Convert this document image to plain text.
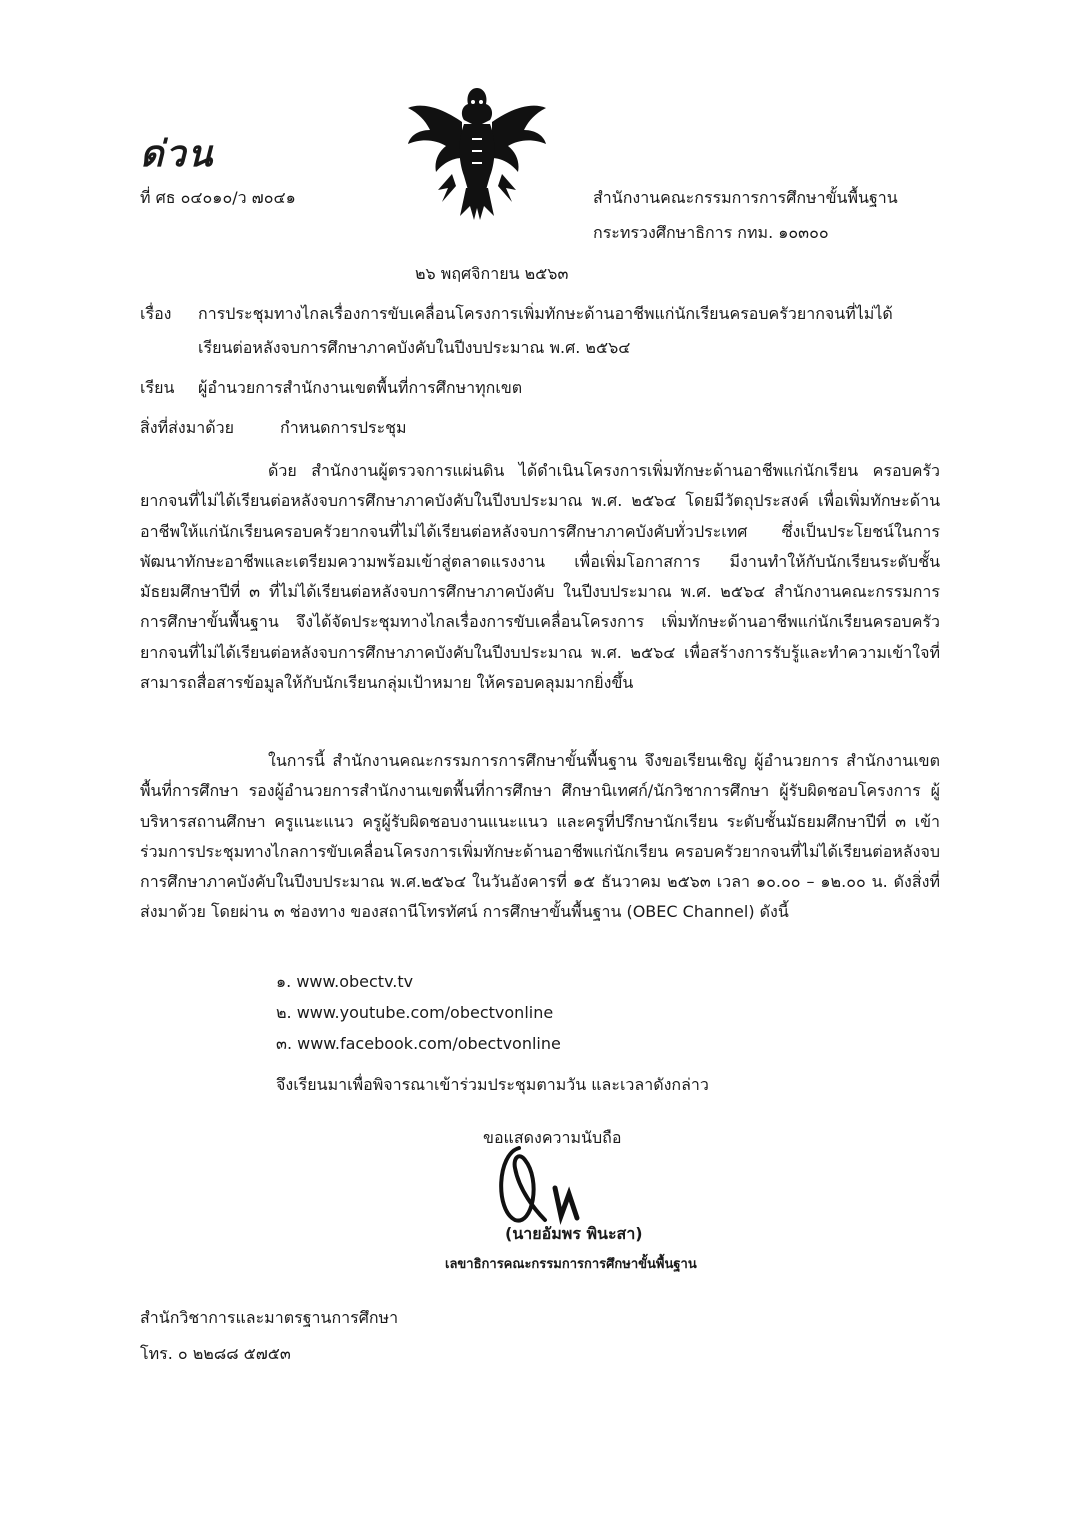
ด่วน
ที่ ศธ ๐๔๐๑๐/ว ๗๐๔๑	สำนักงานคณะกรรมการการศึกษาขั้นพื้นฐาน
กระทรวงศึกษาธิการ กทม. ๑๐๓๐๐
๒๖ พฤศจิกายน ๒๕๖๓
เรื่อง การประชุมทางไกลเรื่องการขับเคลื่อนโครงการเพิ่มทักษะด้านอาชีพแก่นักเรียนครอบครัวยากจนที่ไม่ได้
เรียนต่อหลังจบการศึกษาภาคบังคับในปีงบประมาณ พ.ศ. ๒๕๖๔
เรียน ผู้อำนวยการสำนักงานเขตพื้นที่การศึกษาทุกเขต
สิ่งที่ส่งมาด้วย	กำหนดการประชุม

ด้วย สำนักงานผู้ตรวจการแผ่นดิน ได้ดำเนินโครงการเพิ่มทักษะด้านอาชีพแก่นักเรียน ครอบครัวยากจนที่ไม่ได้เรียนต่อหลังจบการศึกษาภาคบังคับในปีงบประมาณ พ.ศ. ๒๕๖๔ โดยมีวัตถุประสงค์ เพื่อเพิ่มทักษะด้านอาชีพให้แก่นักเรียนครอบครัวยากจนที่ไม่ได้เรียนต่อหลังจบการศึกษาภาคบังคับทั่วประเทศ ซึ่งเป็นประโยชน์ในการพัฒนาทักษะอาชีพและเตรียมความพร้อมเข้าสู่ตลาดแรงงาน เพื่อเพิ่มโอกาสการ มีงานทำให้กับนักเรียนระดับชั้นมัธยมศึกษาปีที่ ๓ ที่ไม่ได้เรียนต่อหลังจบการศึกษาภาคบังคับ ในปีงบประมาณ พ.ศ. ๒๕๖๔ สำนักงานคณะกรรมการการศึกษาขั้นพื้นฐาน จึงได้จัดประชุมทางไกลเรื่องการขับเคลื่อนโครงการ เพิ่มทักษะด้านอาชีพแก่นักเรียนครอบครัวยากจนที่ไม่ได้เรียนต่อหลังจบการศึกษาภาคบังคับในปีงบประมาณ พ.ศ. ๒๕๖๔ เพื่อสร้างการรับรู้และทำความเข้าใจที่สามารถสื่อสารข้อมูลให้กับนักเรียนกลุ่มเป้าหมาย ให้ครอบคลุมมากยิ่งขึ้น

ในการนี้ สำนักงานคณะกรรมการการศึกษาขั้นพื้นฐาน จึงขอเรียนเชิญ ผู้อำนวยการ สำนักงานเขตพื้นที่การศึกษา รองผู้อำนวยการสำนักงานเขตพื้นที่การศึกษา ศึกษานิเทศก์/นักวิชาการศึกษา ผู้รับผิดชอบโครงการ ผู้บริหารสถานศึกษา ครูแนะแนว ครูผู้รับผิดชอบงานแนะแนว และครูที่ปรึกษานักเรียน ระดับชั้นมัธยมศึกษาปีที่ ๓ เข้าร่วมการประชุมทางไกลการขับเคลื่อนโครงการเพิ่มทักษะด้านอาชีพแก่นักเรียน ครอบครัวยากจนที่ไม่ได้เรียนต่อหลังจบการศึกษาภาคบังคับในปีงบประมาณ พ.ศ.๒๕๖๔ ในวันอังคารที่ ๑๕ ธันวาคม ๒๕๖๓ เวลา ๑๐.๐๐ – ๑๒.๐๐ น. ดังสิ่งที่ส่งมาด้วย โดยผ่าน ๓ ช่องทาง ของสถานีโทรทัศน์ การศึกษาขั้นพื้นฐาน (OBEC Channel) ดังนี้

๑. www.obectv.tv
๒. www.youtube.com/obectvonline
๓. www.facebook.com/obectvonline
จึงเรียนมาเพื่อพิจารณาเข้าร่วมประชุมตามวัน และเวลาดังกล่าว
ขอแสดงความนับถือ
(นายอัมพร พินะสา)
เลขาธิการคณะกรรมการการศึกษาขั้นพื้นฐาน
สำนักวิชาการและมาตรฐานการศึกษา
โทร. ๐ ๒๒๘๘ ๕๗๕๓
